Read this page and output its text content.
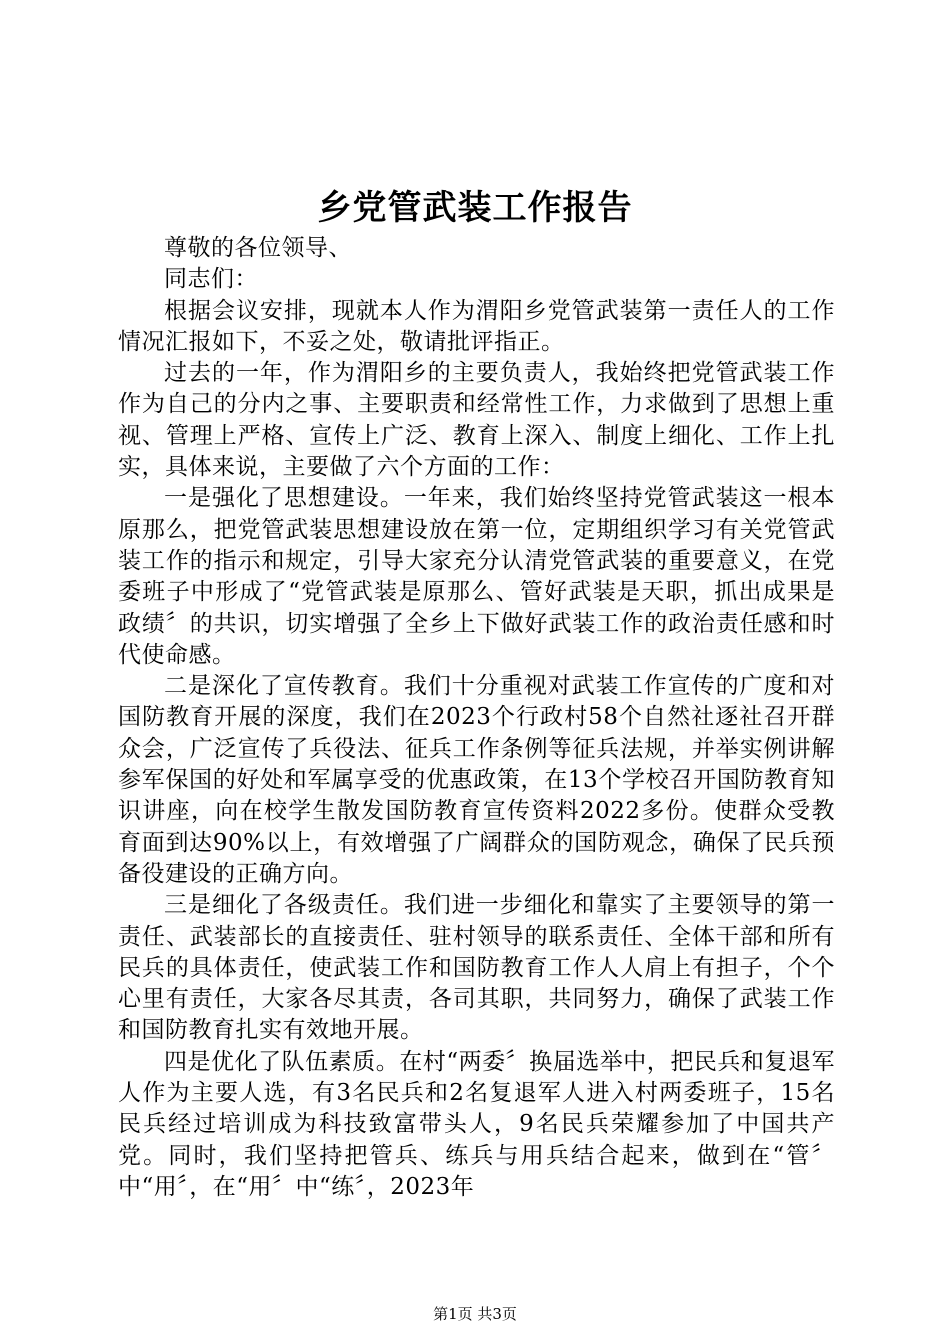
乡党管武装工作报告

尊敬的各位领导、

同志们：

根据会议安排，现就本人作为渭阳乡党管武装第一责任人的工作情况汇报如下，不妥之处，敬请批评指正。

过去的一年，作为渭阳乡的主要负责人，我始终把党管武装工作作为自己的分内之事、主要职责和经常性工作，力求做到了思想上重视、管理上严格、宣传上广泛、教育上深入、制度上细化、工作上扎实，具体来说，主要做了六个方面的工作：

一是强化了思想建设。一年来，我们始终坚持党管武装这一根本原那么，把党管武装思想建设放在第一位，定期组织学习有关党管武装工作的指示和规定，引导大家充分认清党管武装的重要意义，在党委班子中形成了“党管武装是原那么、管好武装是天职，抓出成果是政绩〞的共识，切实增强了全乡上下做好武装工作的政治责任感和时代使命感。

二是深化了宣传教育。我们十分重视对武装工作宣传的广度和对国防教育开展的深度，我们在2023个行政村58个自然社逐社召开群众会，广泛宣传了兵役法、征兵工作条例等征兵法规，并举实例讲解参军保国的好处和军属享受的优惠政策，在13个学校召开国防教育知识讲座，向在校学生散发国防教育宣传资料2022多份。使群众受教育面到达90%以上，有效增强了广阔群众的国防观念，确保了民兵预备役建设的正确方向。

三是细化了各级责任。我们进一步细化和靠实了主要领导的第一责任、武装部长的直接责任、驻村领导的联系责任、全体干部和所有民兵的具体责任，使武装工作和国防教育工作人人肩上有担子，个个心里有责任，大家各尽其责，各司其职，共同努力，确保了武装工作和国防教育扎实有效地开展。

四是优化了队伍素质。在村“两委〞换届选举中，把民兵和复退军人作为主要人选，有3名民兵和2名复退军人进入村两委班子，15名民兵经过培训成为科技致富带头人，9名民兵荣耀参加了中国共产党。同时，我们坚持把管兵、练兵与用兵结合起来，做到在“管〞中“用〞，在“用〞中“练〞，2023年

第1页 共3页
